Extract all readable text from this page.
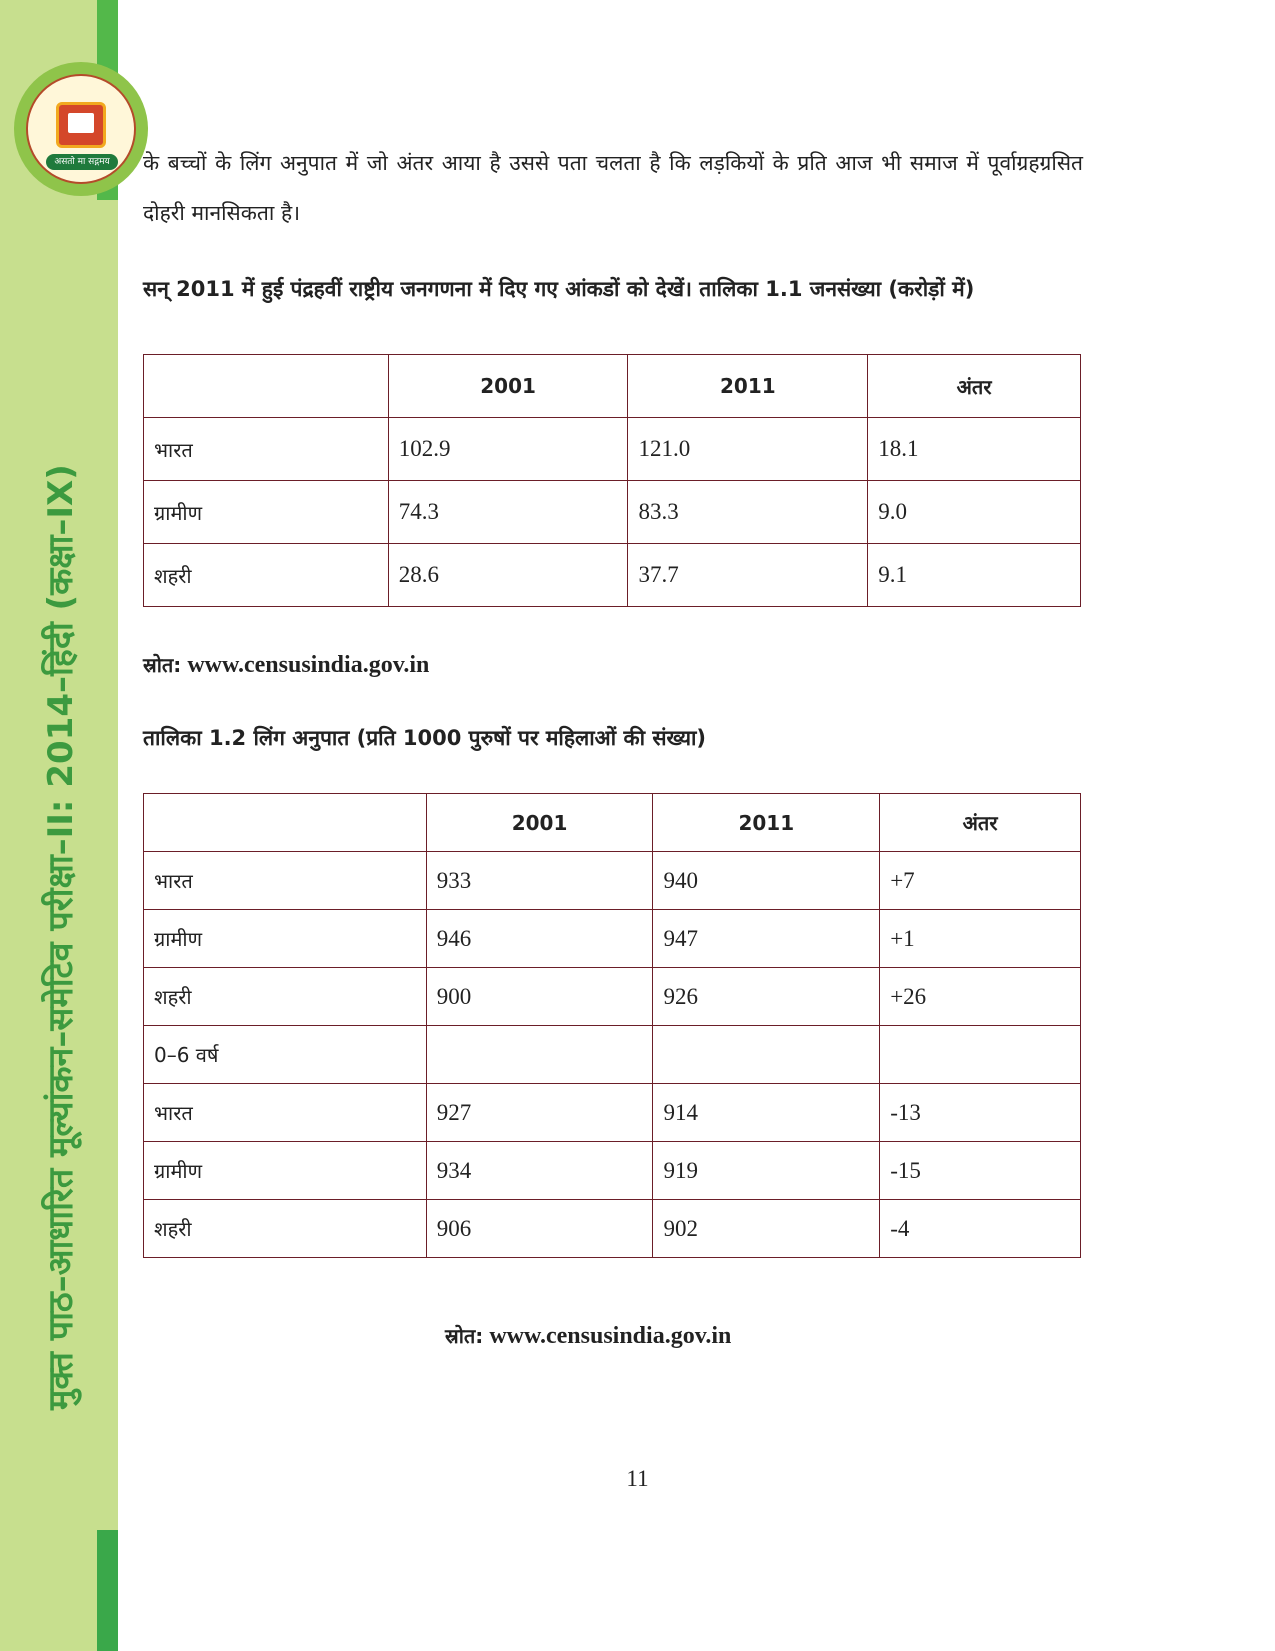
मुक्त पाठ–आधारित मूल्यांकन–समेटिव परीक्षा–II: 2014–हिंदी (कक्षा–IX)
असतो मा सद्गमय	के बच्चों के लिंग अनुपात में जो अंतर आया है उससे पता चलता है कि लड़कियों के प्रति आज भी समाज में पूर्वाग्रहग्रसित दोहरी मानसिकता है।

सन् 2011 में हुई पंद्रहवीं राष्ट्रीय जनगणना में दिए गए आंकडों को देखें। तालिका 1.1 जनसंख्या (करोड़ों में)

	2001	2011	अंतर
भारत	102.9	121.0	18.1
ग्रामीण	74.3	83.3	9.0
शहरी	28.6	37.7	9.1
स्रोत: www.censusindia.gov.in

तालिका 1.2 लिंग अनुपात (प्रति 1000 पुरुषों पर महिलाओं की संख्या)

	2001	2011	अंतर
भारत	933	940	+7
ग्रामीण	946	947	+1
शहरी	900	926	+26
0–6 वर्ष			
भारत	927	914	-13
ग्रामीण	934	919	-15
शहरी	906	902	-4
स्रोत: www.censusindia.gov.in
11
